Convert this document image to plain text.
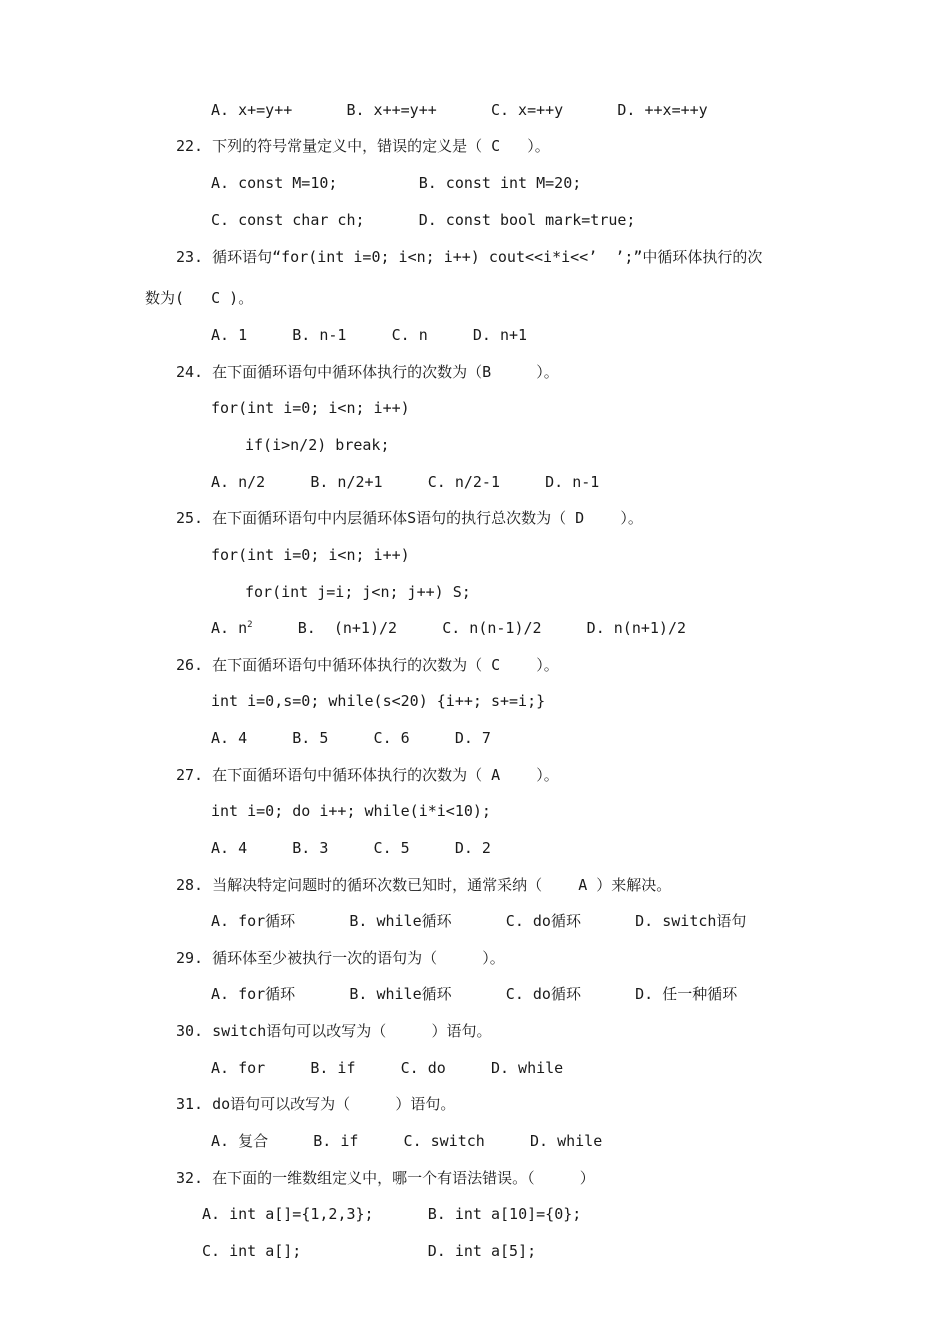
A. x+=y++      B. x++=y++      C. x=++y      D. ++x=++y

22. 下列的符号常量定义中，错误的定义是（ C   ）。

A. const M=10;         B. const int M=20;

C. const char ch;      D. const bool mark=true;

23. 循环语句“for(int i=0; i<n; i++) cout<<i*i<<’  ’;”中循环体执行的次

数为(   C )。

A. 1     B. n-1     C. n     D. n+1

24. 在下面循环语句中循环体执行的次数为（B     ）。

for(int i=0; i<n; i++)

if(i>n/2) break;

A. n/2     B. n/2+1     C. n/2-1     D. n-1

25. 在下面循环语句中内层循环体S语句的执行总次数为（ D    ）。

for(int i=0; i<n; i++)

for(int j=i; j<n; j++) S;

A. $n^2$     B.  (n+1)/2     C. n(n-1)/2     D. n(n+1)/2

26. 在下面循环语句中循环体执行的次数为（ C    ）。

int i=0,s=0; while(s<20) {i++; s+=i;}

A. 4     B. 5     C. 6     D. 7

27. 在下面循环语句中循环体执行的次数为（ A    ）。

int i=0; do i++; while(i*i<10);

A. 4     B. 3     C. 5     D. 2

28. 当解决特定问题时的循环次数已知时，通常采纳（    A ）来解决。

A. for循环      B. while循环      C. do循环      D. switch语句

29. 循环体至少被执行一次的语句为（     ）。

A. for循环      B. while循环      C. do循环      D. 任一种循环

30. switch语句可以改写为（     ）语句。

A. for     B. if     C. do     D. while

31. do语句可以改写为（     ）语句。

A. 复合     B. if     C. switch     D. while

32. 在下面的一维数组定义中，哪一个有语法错误。（     ）

A. int a[]={1,2,3};      B. int a[10]={0};

C. int a[];              D. int a[5];
